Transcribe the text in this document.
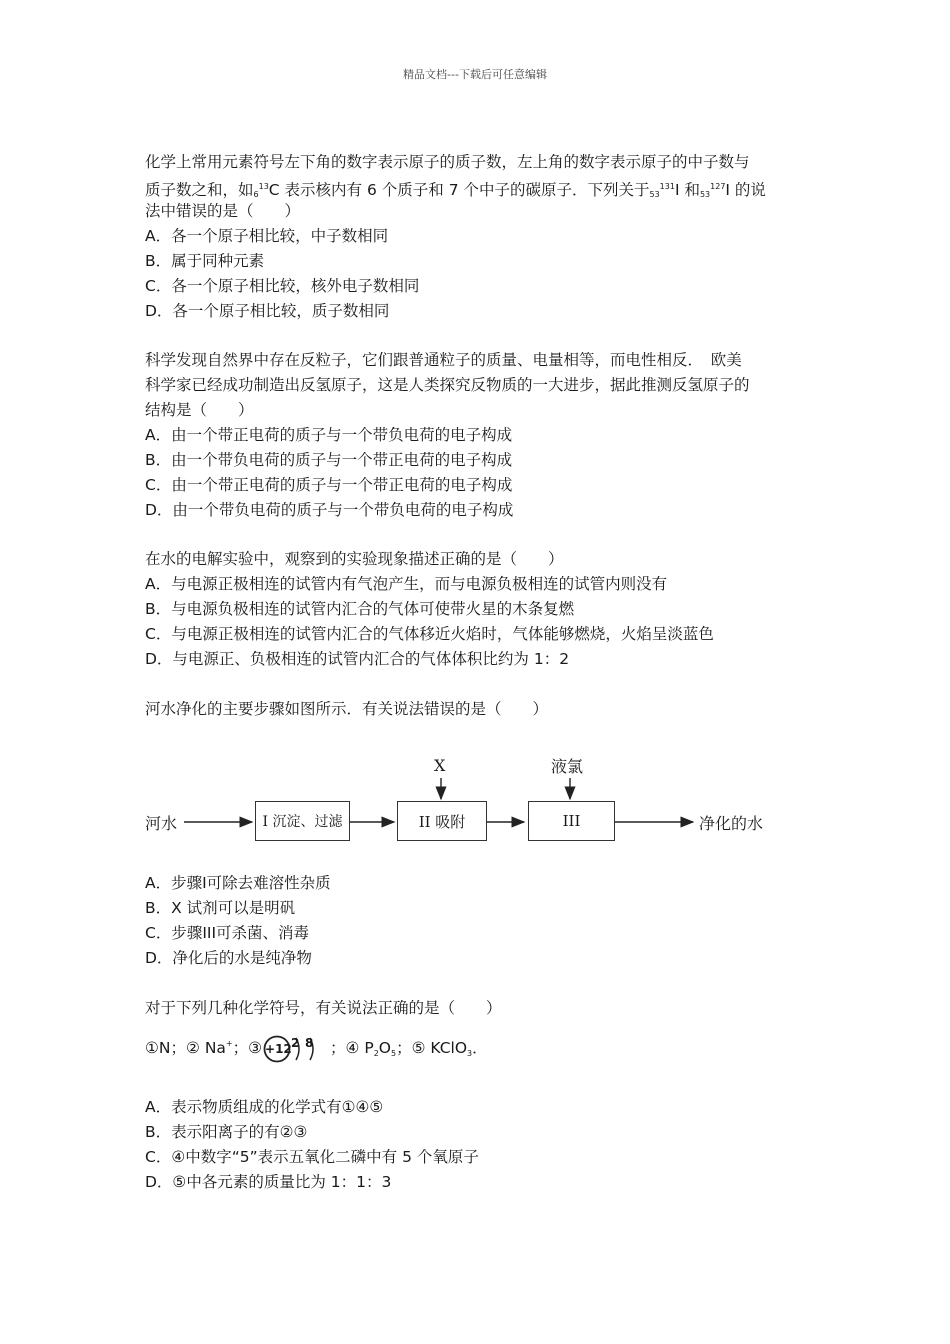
精品文档---下载后可任意编辑
化学上常用元素符号左下角的数字表示原子的质子数，左上角的数字表示原子的中子数与
质子数之和，如$_6^{13}$C 表示核内有 6 个质子和 7 个中子的碳原子．下列关于$_{53}^{131}$I 和$_{53}^{127}$I 的说
法中错误的是（　　）
A．各一个原子相比较，中子数相同
B．属于同种元素
C．各一个原子相比较，核外电子数相同
D．各一个原子相比较，质子数相同
科学发现自然界中存在反粒子，它们跟普通粒子的质量、电量相等，而电性相反．　欧美
科学家已经成功制造出反氢原子，这是人类探究反物质的一大进步，据此推测反氢原子的
结构是（　　）
A．由一个带正电荷的质子与一个带负电荷的电子构成
B．由一个带负电荷的质子与一个带正电荷的电子构成
C．由一个带正电荷的质子与一个带正电荷的电子构成
D．由一个带负电荷的质子与一个带负电荷的电子构成
在水的电解实验中，观察到的实验现象描述正确的是（　　）
A．与电源正极相连的试管内有气泡产生，而与电源负极相连的试管内则没有
B．与电源负极相连的试管内汇合的气体可使带火星的木条复燃
C．与电源正极相连的试管内汇合的气体移近火焰时，气体能够燃烧，火焰呈淡蓝色
D．与电源正、负极相连的试管内汇合的气体体积比约为 1：2
河水净化的主要步骤如图所示．有关说法错误的是（　　）
河水	I 沉淀、过滤	II 吸附	III
X	液氯
净化的水
A．步骤Ⅰ可除去难溶性杂质
B．X 试剂可以是明矾
C．步骤III可杀菌、消毒
D．净化后的水是纯净物
对于下列几种化学符号，有关说法正确的是（　　）
①N；② Na+；③ +12 2 8 ；④ P2O5；⑤ KClO3．
A．表示物质组成的化学式有①④⑤
B．表示阳离子的有②③
C．④中数字“5”表示五氧化二磷中有 5 个氧原子
D．⑤中各元素的质量比为 1：1：3
